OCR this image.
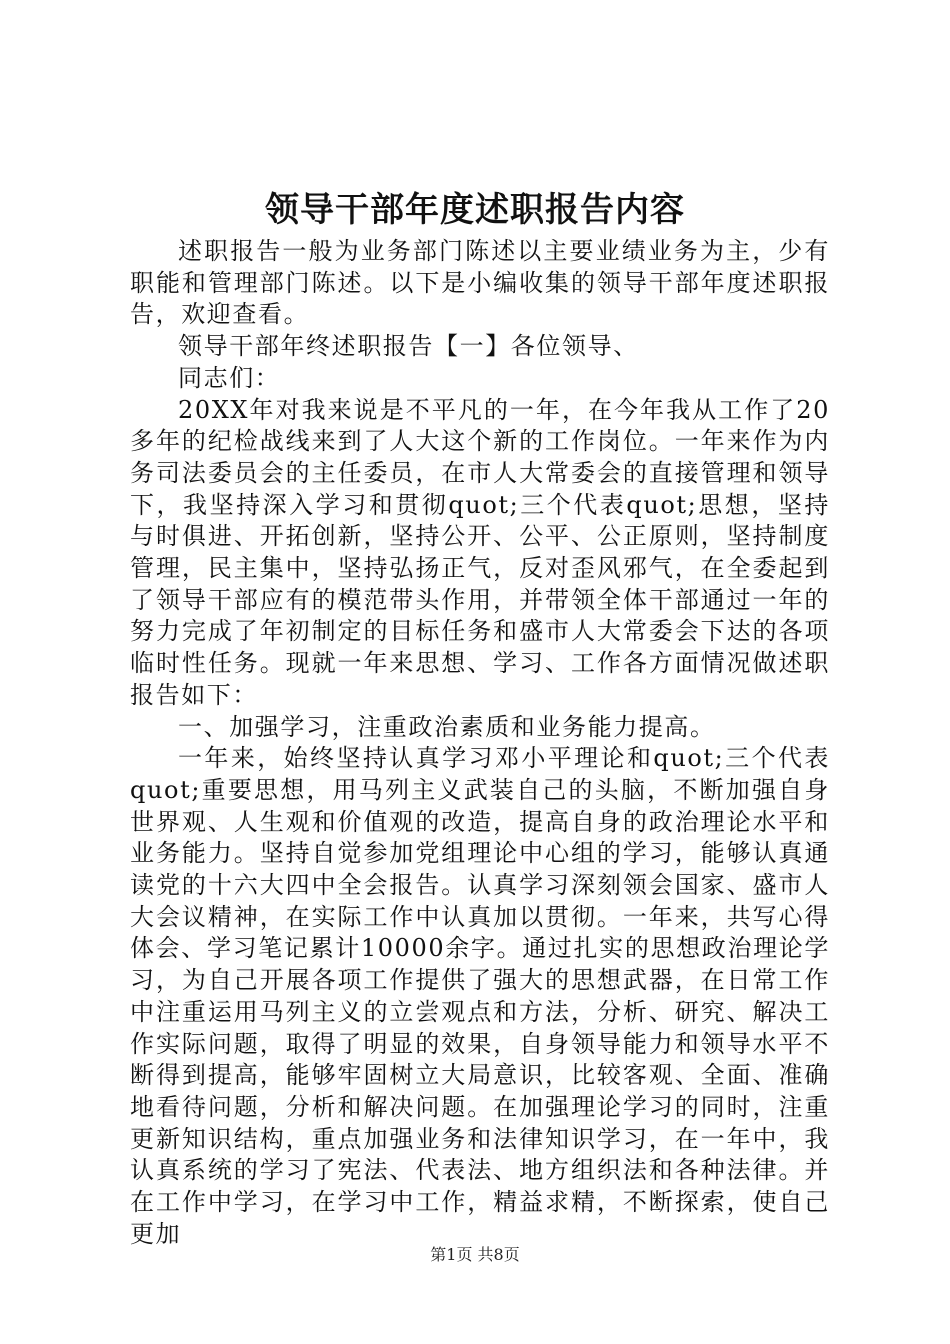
领导干部年度述职报告内容

述职报告一般为业务部门陈述以主要业绩业务为主，少有职能和管理部门陈述。以下是小编收集的领导干部年度述职报告，欢迎查看。

领导干部年终述职报告【一】各位领导、

同志们：

20XX年对我来说是不平凡的一年，在今年我从工作了20多年的纪检战线来到了人大这个新的工作岗位。一年来作为内务司法委员会的主任委员，在市人大常委会的直接管理和领导下，我坚持深入学习和贯彻quot;三个代表quot;思想，坚持与时俱进、开拓创新，坚持公开、公平、公正原则，坚持制度管理，民主集中，坚持弘扬正气，反对歪风邪气，在全委起到了领导干部应有的模范带头作用，并带领全体干部通过一年的努力完成了年初制定的目标任务和盛市人大常委会下达的各项临时性任务。现就一年来思想、学习、工作各方面情况做述职报告如下：

一、加强学习，注重政治素质和业务能力提高。

一年来，始终坚持认真学习邓小平理论和quot;三个代表quot;重要思想，用马列主义武装自己的头脑，不断加强自身世界观、人生观和价值观的改造，提高自身的政治理论水平和业务能力。坚持自觉参加党组理论中心组的学习，能够认真通读党的十六大四中全会报告。认真学习深刻领会国家、盛市人大会议精神，在实际工作中认真加以贯彻。一年来，共写心得体会、学习笔记累计10000余字。通过扎实的思想政治理论学习，为自己开展各项工作提供了强大的思想武器，在日常工作中注重运用马列主义的立尝观点和方法，分析、研究、解决工作实际问题，取得了明显的效果，自身领导能力和领导水平不断得到提高，能够牢固树立大局意识，比较客观、全面、准确地看待问题，分析和解决问题。在加强理论学习的同时，注重更新知识结构，重点加强业务和法律知识学习，在一年中，我认真系统的学习了宪法、代表法、地方组织法和各种法律。并在工作中学习，在学习中工作，精益求精，不断探索，使自己更加

第1页 共8页
